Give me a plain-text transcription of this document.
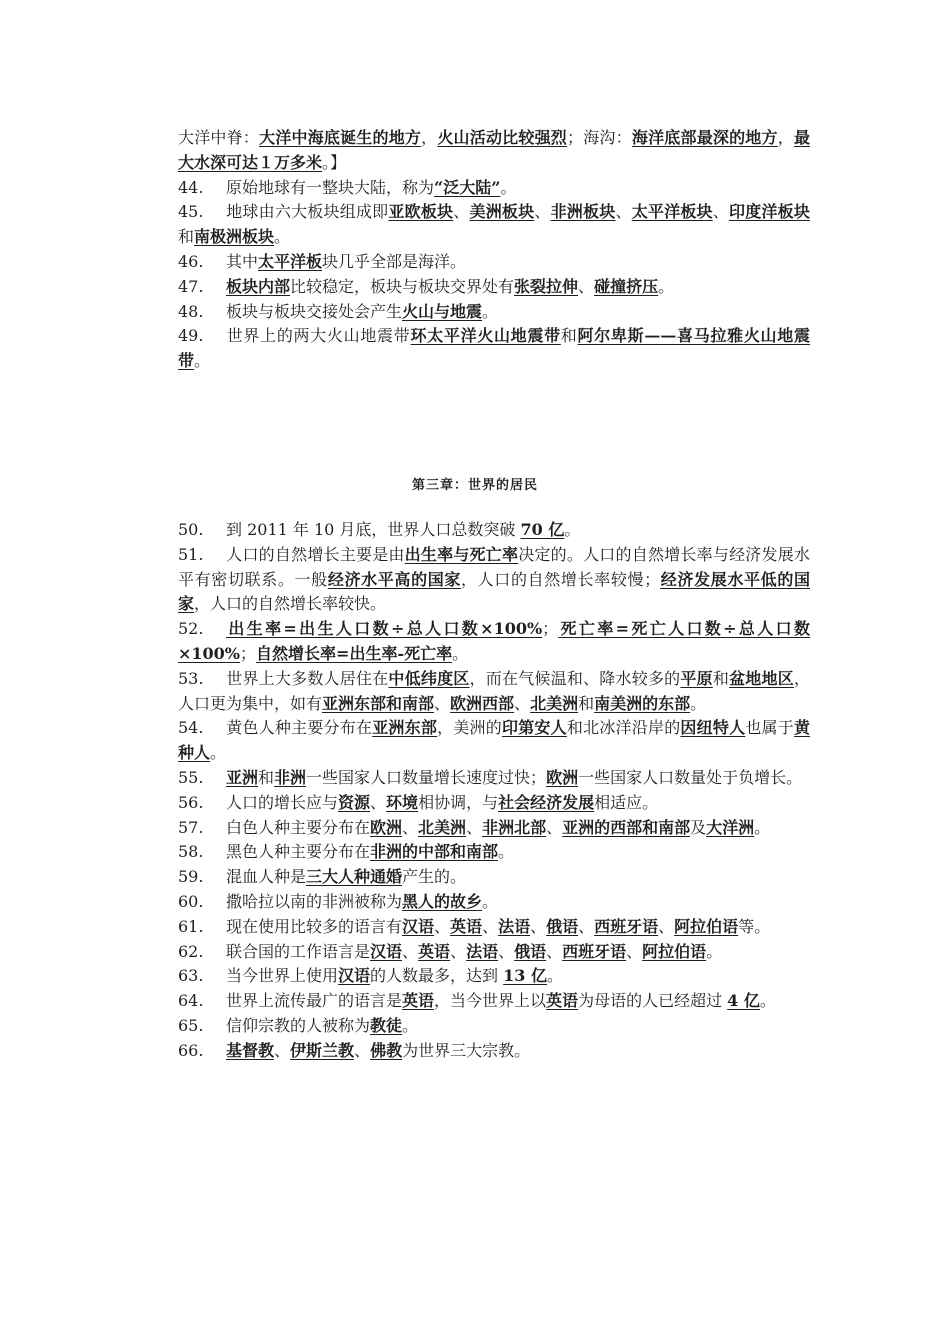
大洋中脊：大洋中海底诞生的地方，火山活动比较强烈；海沟：海洋底部最深的地方，最大水深可达１万多米。】

44. 原始地球有一整块大陆，称为“泛大陆”。

45. 地球由六大板块组成即亚欧板块、美洲板块、非洲板块、太平洋板块、印度洋板块和南极洲板块。

46. 其中太平洋板块几乎全部是海洋。

47. 板块内部比较稳定，板块与板块交界处有张裂拉伸、碰撞挤压。

48. 板块与板块交接处会产生火山与地震。

49. 世界上的两大火山地震带环太平洋火山地震带和阿尔卑斯——喜马拉雅火山地震带。

第三章：世界的居民

50. 到 2011 年 10 月底，世界人口总数突破 70 亿。

51. 人口的自然增长主要是由出生率与死亡率决定的。人口的自然增长率与经济发展水平有密切联系。一般经济水平高的国家，人口的自然增长率较慢；经济发展水平低的国家，人口的自然增长率较快。

52. 出生率=出生人口数÷总人口数×100%；死亡率=死亡人口数÷总人口数×100%；自然增长率=出生率-死亡率。

53. 世界上大多数人居住在中低纬度区，而在气候温和、降水较多的平原和盆地地区，人口更为集中，如有亚洲东部和南部、欧洲西部、北美洲和南美洲的东部。

54. 黄色人种主要分布在亚洲东部，美洲的印第安人和北冰洋沿岸的因纽特人也属于黄种人。

55. 亚洲和非洲一些国家人口数量增长速度过快；欧洲一些国家人口数量处于负增长。

56. 人口的增长应与资源、环境相协调，与社会经济发展相适应。

57. 白色人种主要分布在欧洲、北美洲、非洲北部、亚洲的西部和南部及大洋洲。

58. 黑色人种主要分布在非洲的中部和南部。

59. 混血人种是三大人种通婚产生的。

60. 撒哈拉以南的非洲被称为黑人的故乡。

61. 现在使用比较多的语言有汉语、英语、法语、俄语、西班牙语、阿拉伯语等。

62. 联合国的工作语言是汉语、英语、法语、俄语、西班牙语、阿拉伯语。

63. 当今世界上使用汉语的人数最多，达到 13 亿。

64. 世界上流传最广的语言是英语，当今世界上以英语为母语的人已经超过 4 亿。

65. 信仰宗教的人被称为教徒。

66. 基督教、伊斯兰教、佛教为世界三大宗教。
